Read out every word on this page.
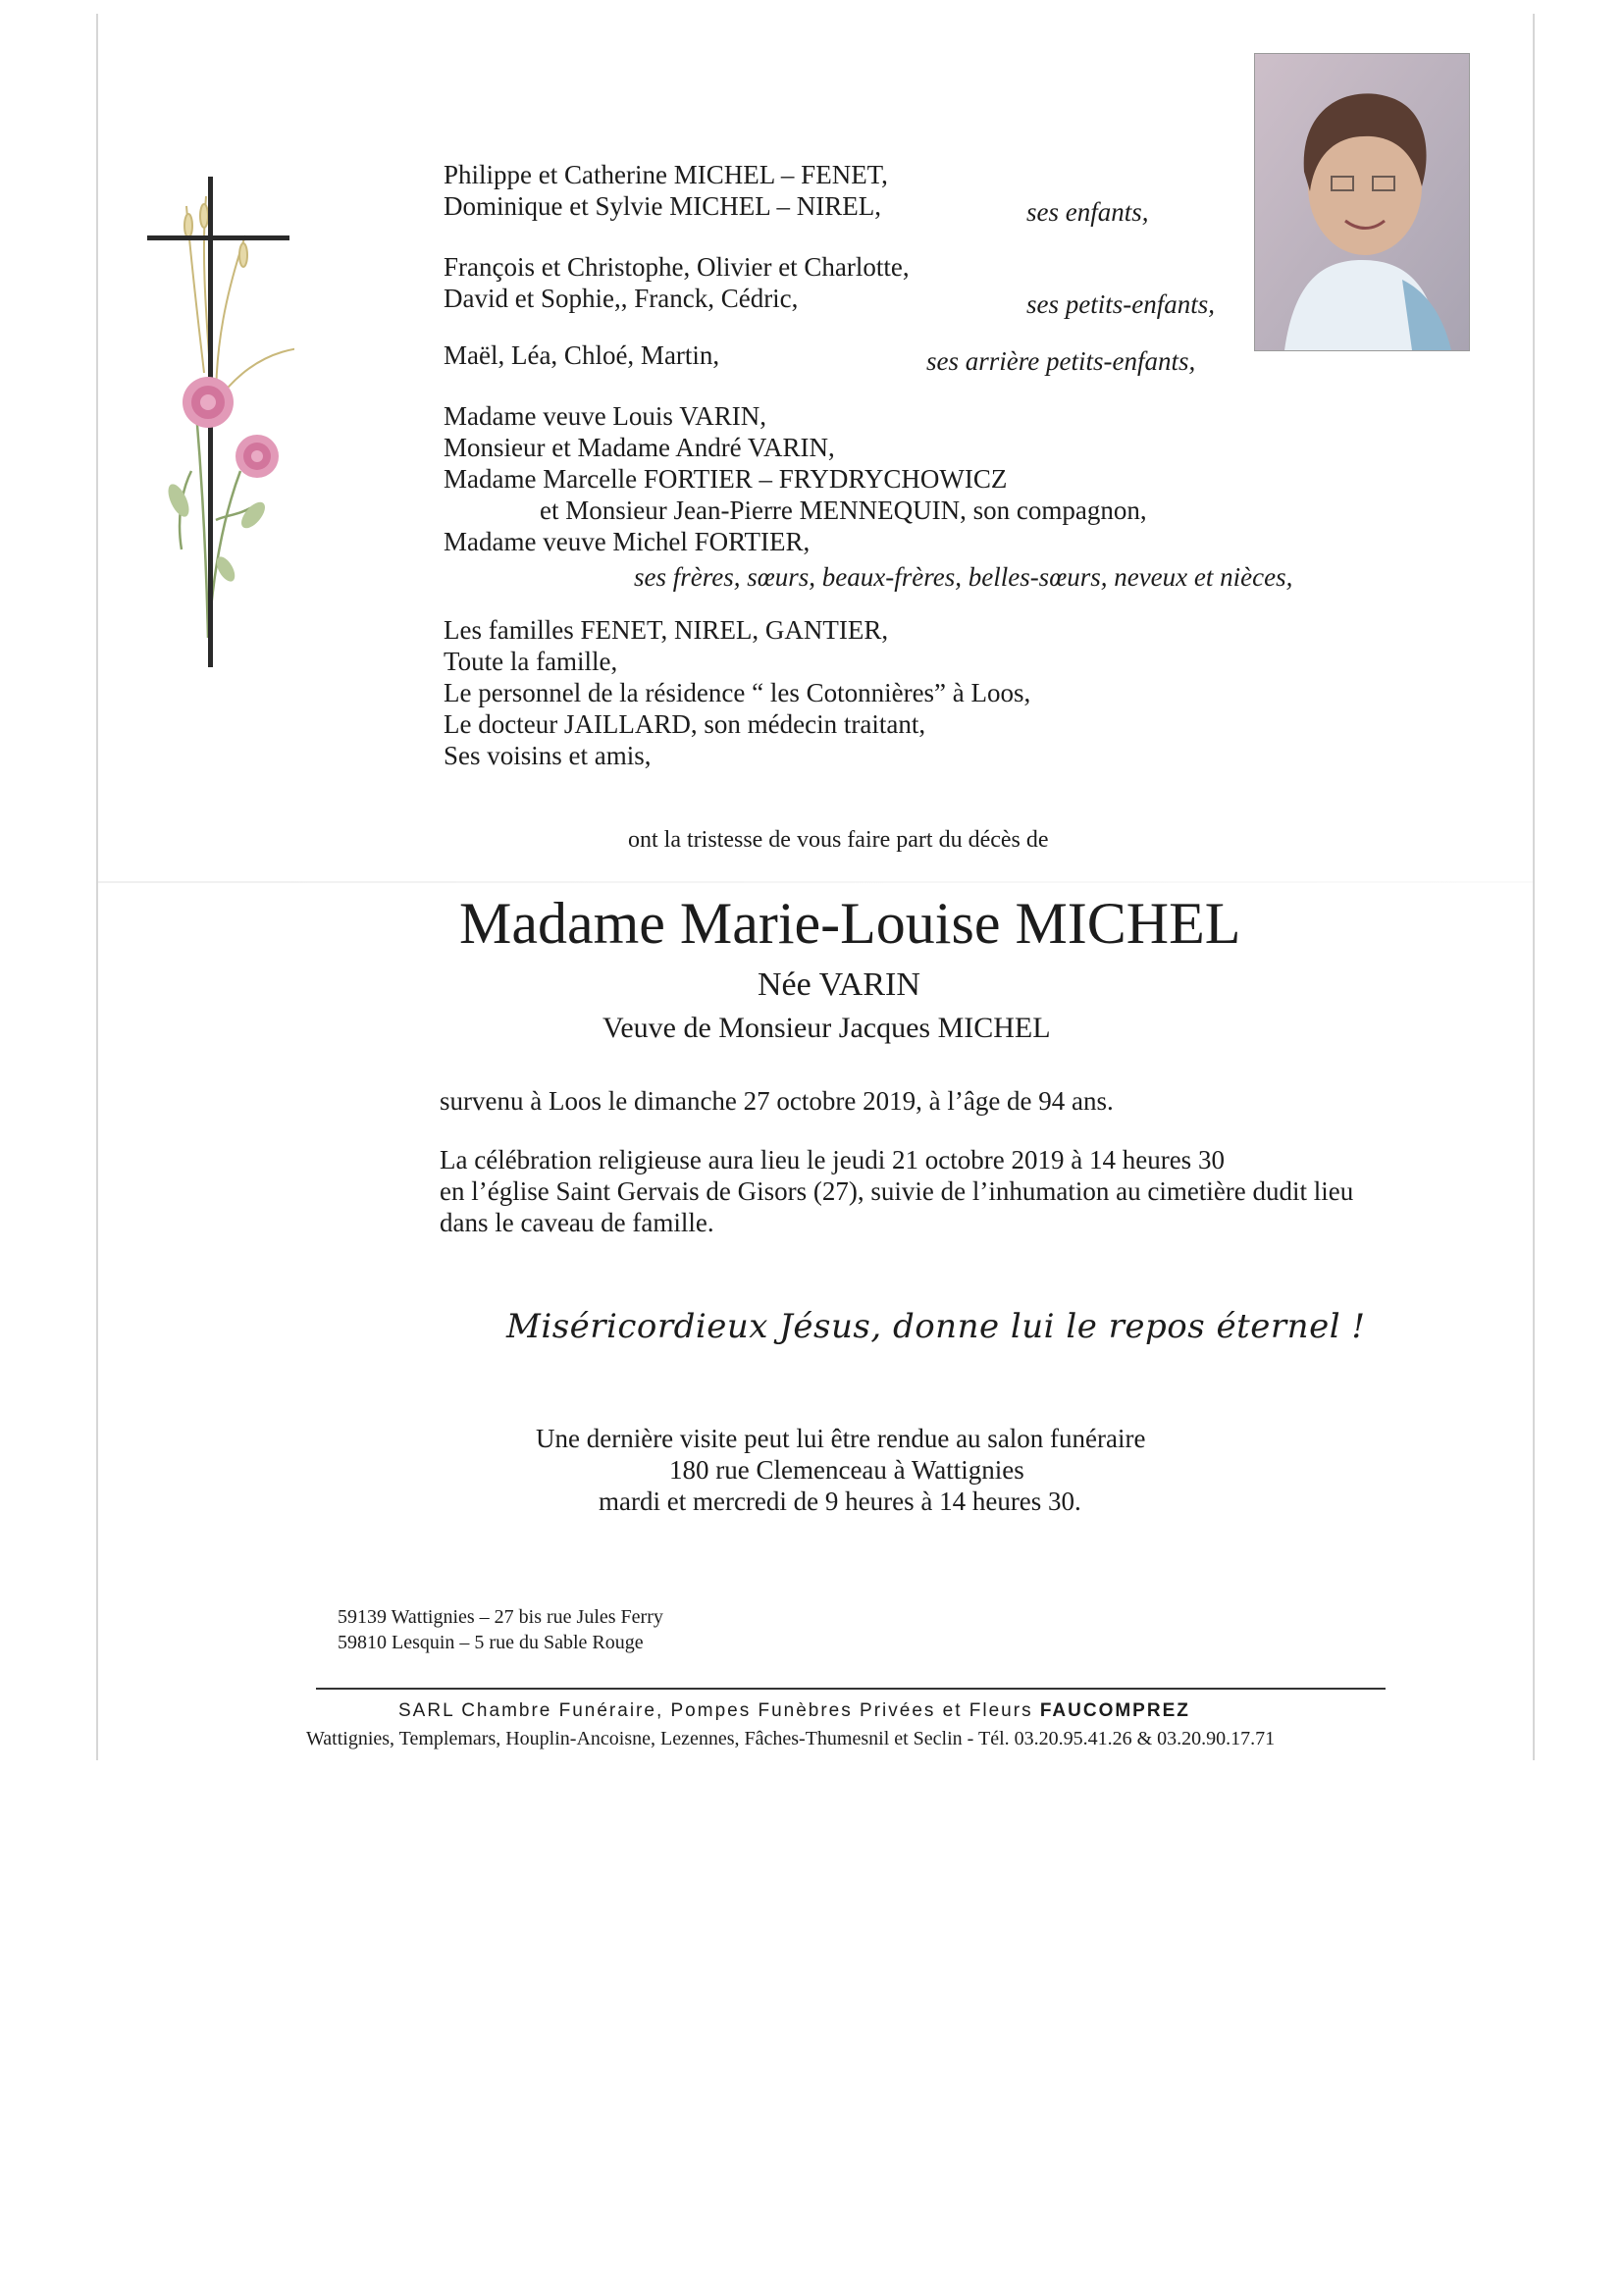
Philippe et Catherine MICHEL – FENET,
Dominique et Sylvie MICHEL – NIREL,	ses enfants,
François et Christophe, Olivier et Charlotte,
David et Sophie,, Franck, Cédric,	ses petits-enfants,
Maël, Léa, Chloé, Martin,	ses arrière petits-enfants,
Madame veuve Louis VARIN,
Monsieur et Madame André VARIN,
Madame Marcelle FORTIER – FRYDRYCHOWICZ
et Monsieur Jean-Pierre MENNEQUIN, son compagnon,
Madame veuve Michel FORTIER,
ses frères, sœurs, beaux-frères, belles-sœurs, neveux et nièces,
Les familles FENET, NIREL, GANTIER,
Toute la famille,
Le personnel de la résidence “ les Cotonnières” à Loos,
Le docteur JAILLARD, son médecin traitant,
Ses voisins et amis,
ont la tristesse de vous faire part du décès de
Madame Marie-Louise MICHEL
Née VARIN
Veuve de Monsieur Jacques MICHEL
survenu à Loos le dimanche 27 octobre 2019, à l’âge de 94 ans.
La célébration religieuse aura lieu le jeudi 21 octobre 2019 à 14 heures 30
en l’église Saint Gervais de Gisors (27), suivie de l’inhumation au cimetière dudit lieu
dans le caveau de famille.
Miséricordieux Jésus, donne lui le repos éternel !
Une dernière visite peut lui être rendue au salon funéraire
180 rue Clemenceau à Wattignies
mardi et mercredi de 9 heures à 14 heures 30.
59139 Wattignies – 27 bis rue Jules Ferry
59810 Lesquin – 5 rue du Sable Rouge
SARL Chambre Funéraire, Pompes Funèbres Privées et Fleurs FAUCOMPREZ
Wattignies, Templemars, Houplin-Ancoisne, Lezennes, Fâches-Thumesnil et Seclin - Tél. 03.20.95.41.26 & 03.20.90.17.71
